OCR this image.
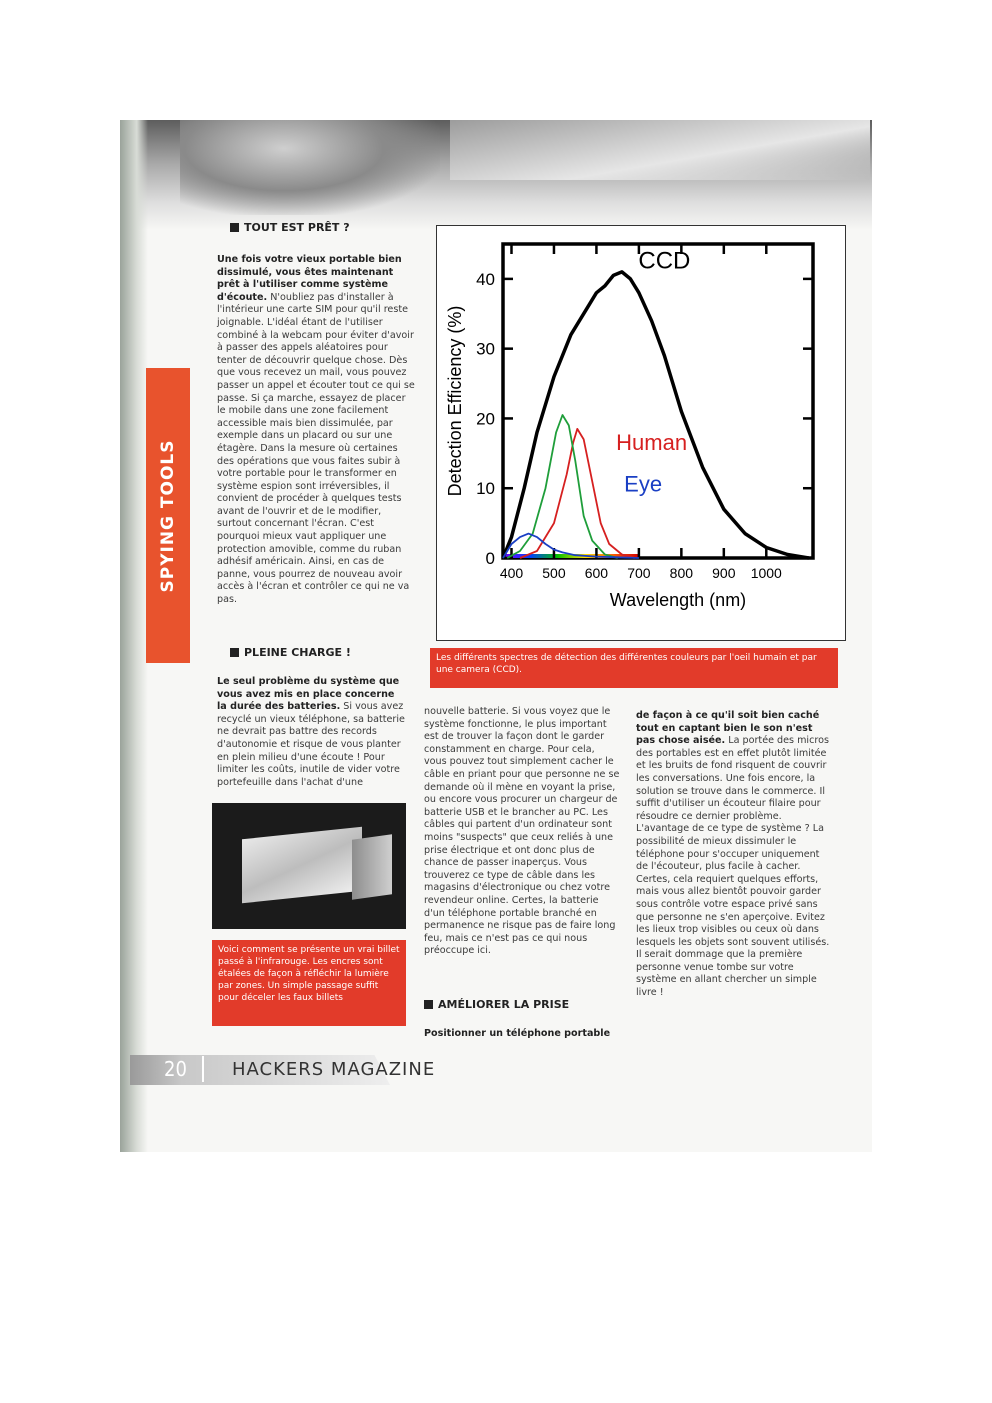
SPYING TOOLS
TOUT EST PRÊT ?

Une fois votre vieux portable bien dissimulé, vous êtes maintenant prêt à l'utiliser comme système d'écoute. N'oubliez pas d'installer à l'intérieur une carte SIM pour qu'il reste joignable. L'idéal étant de l'utiliser combiné à la webcam pour éviter d'avoir à passer des appels aléatoires pour tenter de découvrir quelque chose. Dès que vous recevez un mail, vous pouvez passer un appel et écouter tout ce qui se passe. Si ça marche, essayez de placer le mobile dans une zone facilement accessible mais bien dissimulée, par exemple dans un placard ou sur une étagère. Dans la mesure où certaines des opérations que vous faites subir à votre portable pour le transformer en système espion sont irréversibles, il convient de procéder à quelques tests avant de l'ouvrir et de le modifier, surtout concernant l'écran. C'est pourquoi mieux vaut appliquer une protection amovible, comme du ruban adhésif américain. Ainsi, en cas de panne, vous pourrez de nouveau avoir accès à l'écran et contrôler ce qui ne va pas.

PLEINE CHARGE !

Le seul problème du système que vous avez mis en place concerne la durée des batteries. Si vous avez recyclé un vieux téléphone, sa batterie ne devrait pas battre des records d'autonomie et risque de vous planter en plein milieu d'une écoute ! Pour limiter les coûts, inutile de vider votre portefeuille dans l'achat d'une

Voici comment se présente un vrai billet passé à l'infrarouge. Les encres sont étalées de façon à réfléchir la lumière par zones. Un simple passage suffit pour déceler les faux billets
400 500 600 700 800 900 1000
0
10
20
30
40
Wavelength (nm)
Detection Efficiency (%)
CCD
Human
Eye
Les différents spectres de détection des différentes couleurs par l'oeil humain et par une camera (CCD).

nouvelle batterie. Si vous voyez que le système fonctionne, le plus important est de trouver la façon dont le garder constamment en charge. Pour cela, vous pouvez tout simplement cacher le câble en priant pour que personne ne se demande où il mène en voyant la prise, ou encore vous procurer un chargeur de batterie USB et le brancher au PC. Les câbles qui partent d'un ordinateur sont moins "suspects" que ceux reliés à une prise électrique et ont donc plus de chance de passer inaperçus. Vous trouverez ce type de câble dans les magasins d'électronique ou chez votre revendeur online. Certes, la batterie d'un téléphone portable branché en permanence ne risque pas de faire long feu, mais ce n'est pas ce qui nous préoccupe ici.

AMÉLIORER LA PRISE

Positionner un téléphone portable

de façon à ce qu'il soit bien caché tout en captant bien le son n'est pas chose aisée. La portée des micros des portables est en effet plutôt limitée et les bruits de fond risquent de couvrir les conversations. Une fois encore, la solution se trouve dans le commerce. Il suffit d'utiliser un écouteur filaire pour résoudre ce dernier problème. L'avantage de ce type de système ? La possibilité de mieux dissimuler le téléphone pour s'occuper uniquement de l'écouteur, plus facile à cacher. Certes, cela requiert quelques efforts, mais vous allez bientôt pouvoir garder sous contrôle votre espace privé sans que personne ne s'en aperçoive. Evitez les lieux trop visibles ou ceux où dans lesquels les objets sont souvent utilisés. Il serait dommage que la première personne venue tombe sur votre système en allant chercher un simple livre !

20	HACKERS MAGAZINE
